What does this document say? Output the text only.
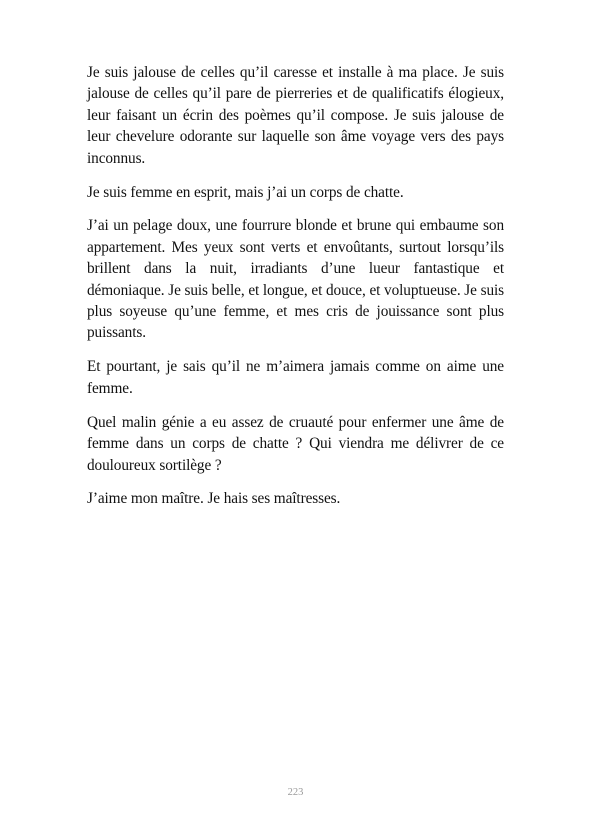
Je suis jalouse de celles qu’il caresse et installe à ma place. Je suis jalouse de celles qu’il pare de pierreries et de qualificatifs élogieux, leur faisant un écrin des poèmes qu’il compose. Je suis jalouse de leur chevelure odorante sur laquelle son âme voyage vers des pays inconnus.

Je suis femme en esprit, mais j’ai un corps de chatte.

J’ai un pelage doux, une fourrure blonde et brune qui embaume son appartement. Mes yeux sont verts et envoûtants, surtout lorsqu’ils brillent dans la nuit, irradiants d’une lueur fantastique et démoniaque. Je suis belle, et longue, et douce, et voluptueuse. Je suis plus soyeuse qu’une femme, et mes cris de jouissance sont plus puissants.

Et pourtant, je sais qu’il ne m’aimera jamais comme on aime une femme.

Quel malin génie a eu assez de cruauté pour enfermer une âme de femme dans un corps de chatte ? Qui viendra me délivrer de ce douloureux sortilège ?

J’aime mon maître. Je hais ses maîtresses.

223
